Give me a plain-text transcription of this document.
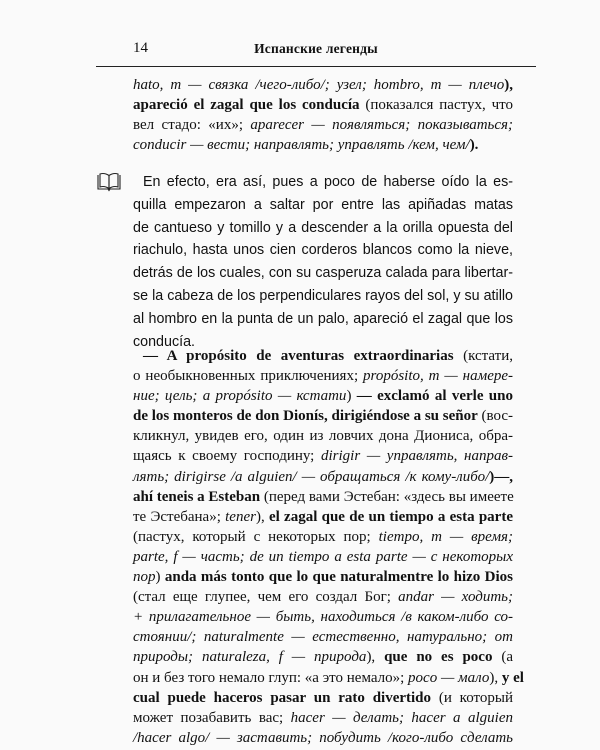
14	Испанские легенды
hato, m — связка /чего-либо/; узел; hombro, m — плечо),
apareció el zagal que los conducía (показался пастух, что
вел стадо: «их»; aparecer — появляться; показываться;
conducir — вести; направлять; управлять /кем, чем/).
En efecto, era así, pues a poco de haberse oído la es-
quilla empezaron a saltar por entre las apiñadas matas
de cantueso y tomillo y a descender a la orilla opuesta del
riachulo, hasta unos cien corderos blancos como la nieve,
detrás de los cuales, con su casperuza calada para libertar-
se la cabeza de los perpendiculares rayos del sol, y su atillo
al hombro en la punta de un palo, apareció el zagal que los
conducía.
— A propósito de aventuras extraordinarias (кстати,
о необыкновенных приключениях; propósito, m — намере-
ние; цель; a propósito — кстати) — exclamó al verle uno
de los monteros de don Dionís, dirigiéndose a su señor (вос-
кликнул, увидев его, один из ловчих дона Диониса, обра-
щаясь к своему господину; dirigir — управлять, направ-
лять; dirigirse /a alguien/ — обращаться /к кому-либо/)—,
ahí teneis a Esteban (перед вами Эстебан: «здесь вы имеете
те Эстебана»; tener), el zagal que de un tiempo a esta parte
(пастух, который с некоторых пор; tiempo, m — время;
parte, f — часть; de un tiempo a esta parte — с некоторых
пор) anda más tonto que lo que naturalmentre lo hizo Dios
(стал еще глупее, чем его создал Бог; andar — ходить;
+ прилагательное — быть, находиться /в каком-либо со-
стоянии/; naturalmente — естественно, натурально; от
природы; naturaleza, f — природа), que no es poco (а
он и без того немало глуп: «а это немало»; poco — мало), y el
cual puede haceros pasar un rato divertido (и который
может позабавить вас; hacer — делать; hacer a alguien
/hacer algo/ — заставить; побудить /кого-либо сделать
